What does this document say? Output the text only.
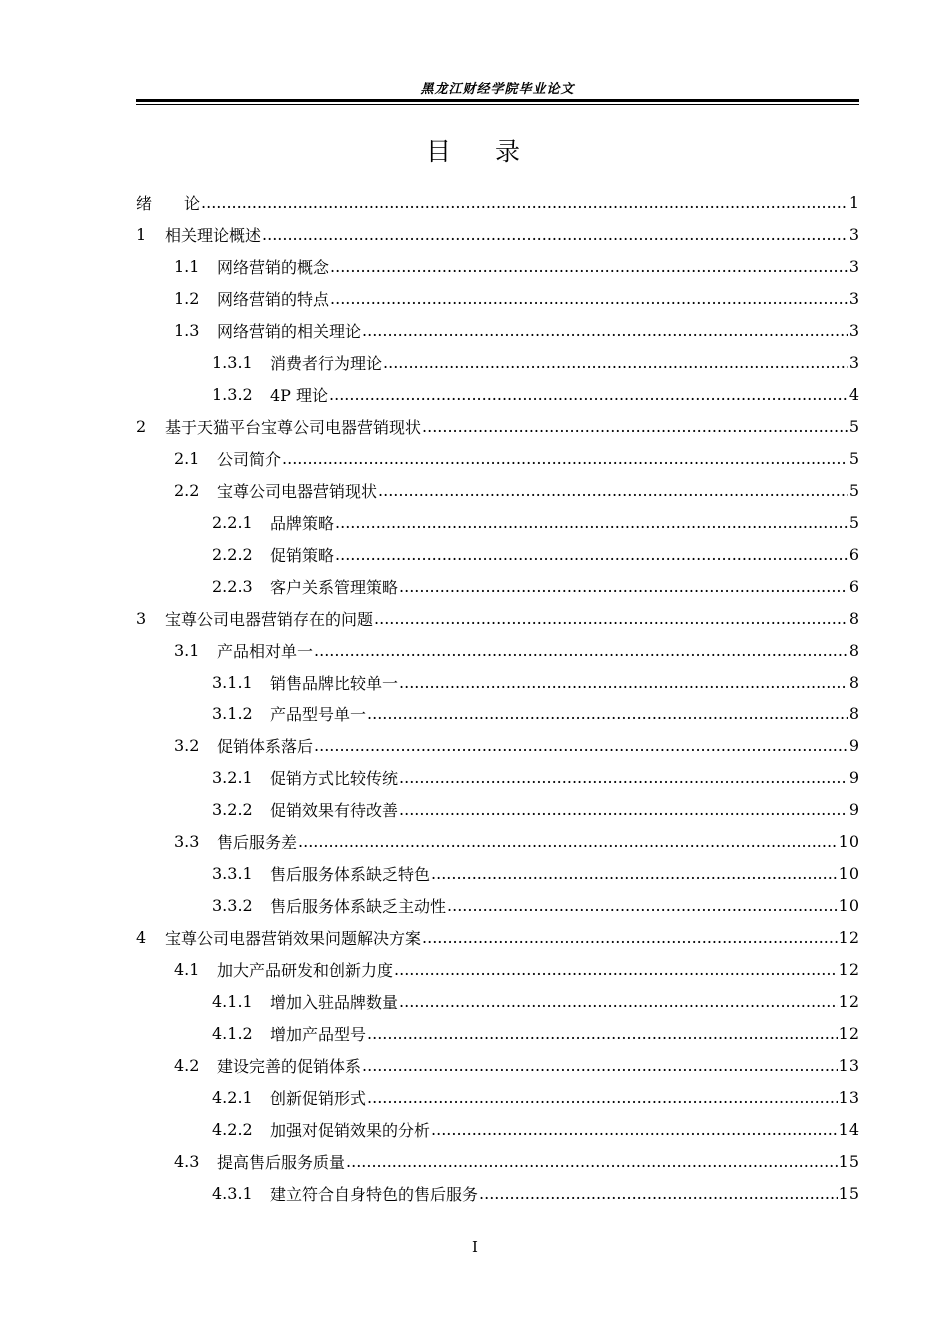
黑龙江财经学院毕业论文
目 录
绪　　论 .....	1
1	相关理论概述 .....	3
1.1	网络营销的概念 .....	3
1.2	网络营销的特点 .....	3
1.3	网络营销的相关理论 .....	3
1.3.1	消费者行为理论 .....	3
1.3.2	4P 理论 .....	4
2	基于天猫平台宝尊公司电器营销现状 .....	5
2.1	公司简介 .....	5
2.2	宝尊公司电器营销现状 .....	5
2.2.1	品牌策略 .....	5
2.2.2	促销策略 .....	6
2.2.3	客户关系管理策略 .....	6
3	宝尊公司电器营销存在的问题 .....	8
3.1	产品相对单一 .....	8
3.1.1	销售品牌比较单一 .....	8
3.1.2	产品型号单一 .....	8
3.2	促销体系落后 .....	9
3.2.1	促销方式比较传统 .....	9
3.2.2	促销效果有待改善 .....	9
3.3	售后服务差 .....	10
3.3.1	售后服务体系缺乏特色 .....	10
3.3.2	售后服务体系缺乏主动性 .....	10
4	宝尊公司电器营销效果问题解决方案 .....	12
4.1	加大产品研发和创新力度 .....	12
4.1.1	增加入驻品牌数量 .....	12
4.1.2	增加产品型号 .....	12
4.2	建设完善的促销体系 .....	13
4.2.1	创新促销形式 .....	13
4.2.2	加强对促销效果的分析 .....	14
4.3	提高售后服务质量 .....	15
4.3.1	建立符合自身特色的售后服务 .....	15
I
